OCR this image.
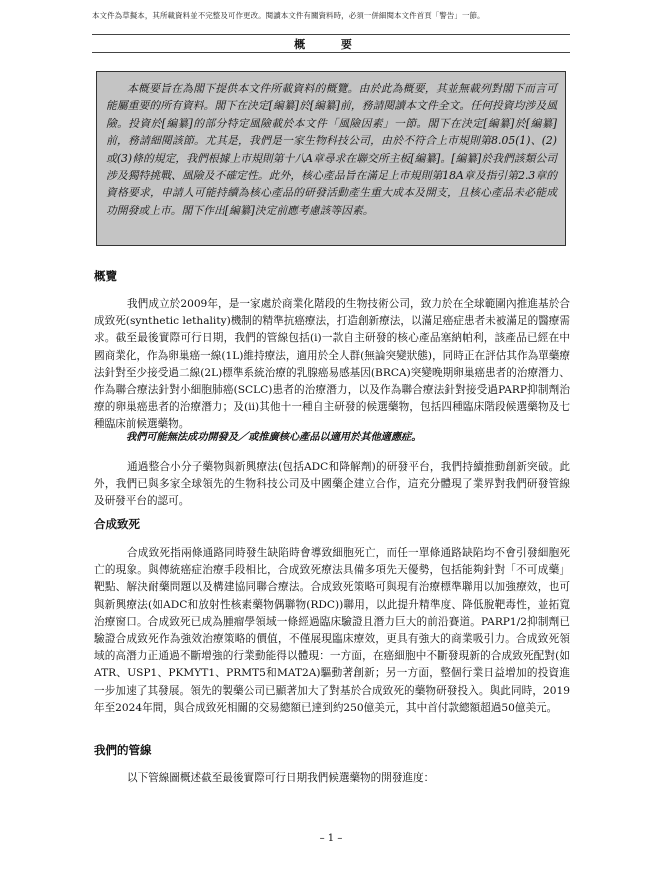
本文件為草擬本，其所載資料並不完整及可作更改。閱讀本文件有關資料時，必須一併細閱本文件首頁「警告」一節。
概 要

本概要旨在為閣下提供本文件所載資料的概覽。由於此為概要，其並無載列對閣下而言可能屬重要的所有資料。閣下在決定[編纂]於[編纂]前，務請閱讀本文件全文。任何投資均涉及風險。投資於[編纂]的部分特定風險載於本文件「風險因素」一節。閣下在決定[編纂]於[編纂]前，務請細閱該節。尤其是，我們是一家生物科技公司，由於不符合上市規則第8.05(1)、(2)或(3)條的規定，我們根據上市規則第十八A章尋求在聯交所主板[編纂]。[編纂]於我們該類公司涉及獨特挑戰、風險及不確定性。此外，核心產品旨在滿足上市規則第18A章及指引第2.3章的資格要求，申請人可能持續為核心產品的研發活動產生重大成本及開支，且核心產品未必能成功開發或上市。閣下作出[編纂]決定前應考慮該等因素。

概覽

我們成立於2009年，是一家處於商業化階段的生物技術公司，致力於在全球範圍內推進基於合成致死(synthetic lethality)機制的精準抗癌療法，打造創新療法，以滿足癌症患者未被滿足的醫療需求。截至最後實際可行日期，我們的管線包括(i)一款自主研發的核心產品塞納帕利，該產品已經在中國商業化，作為卵巢癌一線(1L)維持療法，適用於全人群(無論突變狀態)，同時正在評估其作為單藥療法針對至少接受過二線(2L)標準系統治療的乳腺癌易感基因(BRCA)突變晚期卵巢癌患者的治療潛力、作為聯合療法針對小細胞肺癌(SCLC)患者的治療潛力，以及作為聯合療法針對接受過PARP抑制劑治療的卵巢癌患者的治療潛力；及(ii)其他十一種自主研發的候選藥物，包括四種臨床階段候選藥物及七種臨床前候選藥物。

我們可能無法成功開發及／或推廣核心產品以適用於其他適應症。

通過整合小分子藥物與新興療法(包括ADC和降解劑)的研發平台，我們持續推動創新突破。此外，我們已與多家全球領先的生物科技公司及中國藥企建立合作，這充分體現了業界對我們研發管線及研發平台的認可。

合成致死

合成致死指兩條通路同時發生缺陷時會導致細胞死亡，而任一單條通路缺陷均不會引發細胞死亡的現象。與傳統癌症治療手段相比，合成致死療法具備多項先天優勢，包括能夠針對「不可成藥」靶點、解決耐藥問題以及構建協同聯合療法。合成致死策略可與現有治療標準聯用以加強療效，也可與新興療法(如ADC和放射性核素藥物偶聯物(RDC))聯用，以此提升精準度、降低脫靶毒性，並拓寬治療窗口。合成致死已成為腫瘤學領域一條經過臨床驗證且潛力巨大的前沿賽道。PARP1/2抑制劑已驗證合成致死作為強效治療策略的價值，不僅展現臨床療效，更具有強大的商業吸引力。合成致死領域的高潛力正通過不斷增強的行業動能得以體現：一方面，在癌細胞中不斷發現新的合成致死配對(如ATR、USP1、PKMYT1、PRMT5和MAT2A)驅動著創新；另一方面，整個行業日益增加的投資進一步加速了其發展。領先的製藥公司已顯著加大了對基於合成致死的藥物研發投入。與此同時，2019年至2024年間，與合成致死相關的交易總額已達到約250億美元，其中首付款總額超過50億美元。

我們的管線

以下管線圖概述截至最後實際可行日期我們候選藥物的開發進度：

– 1 –
